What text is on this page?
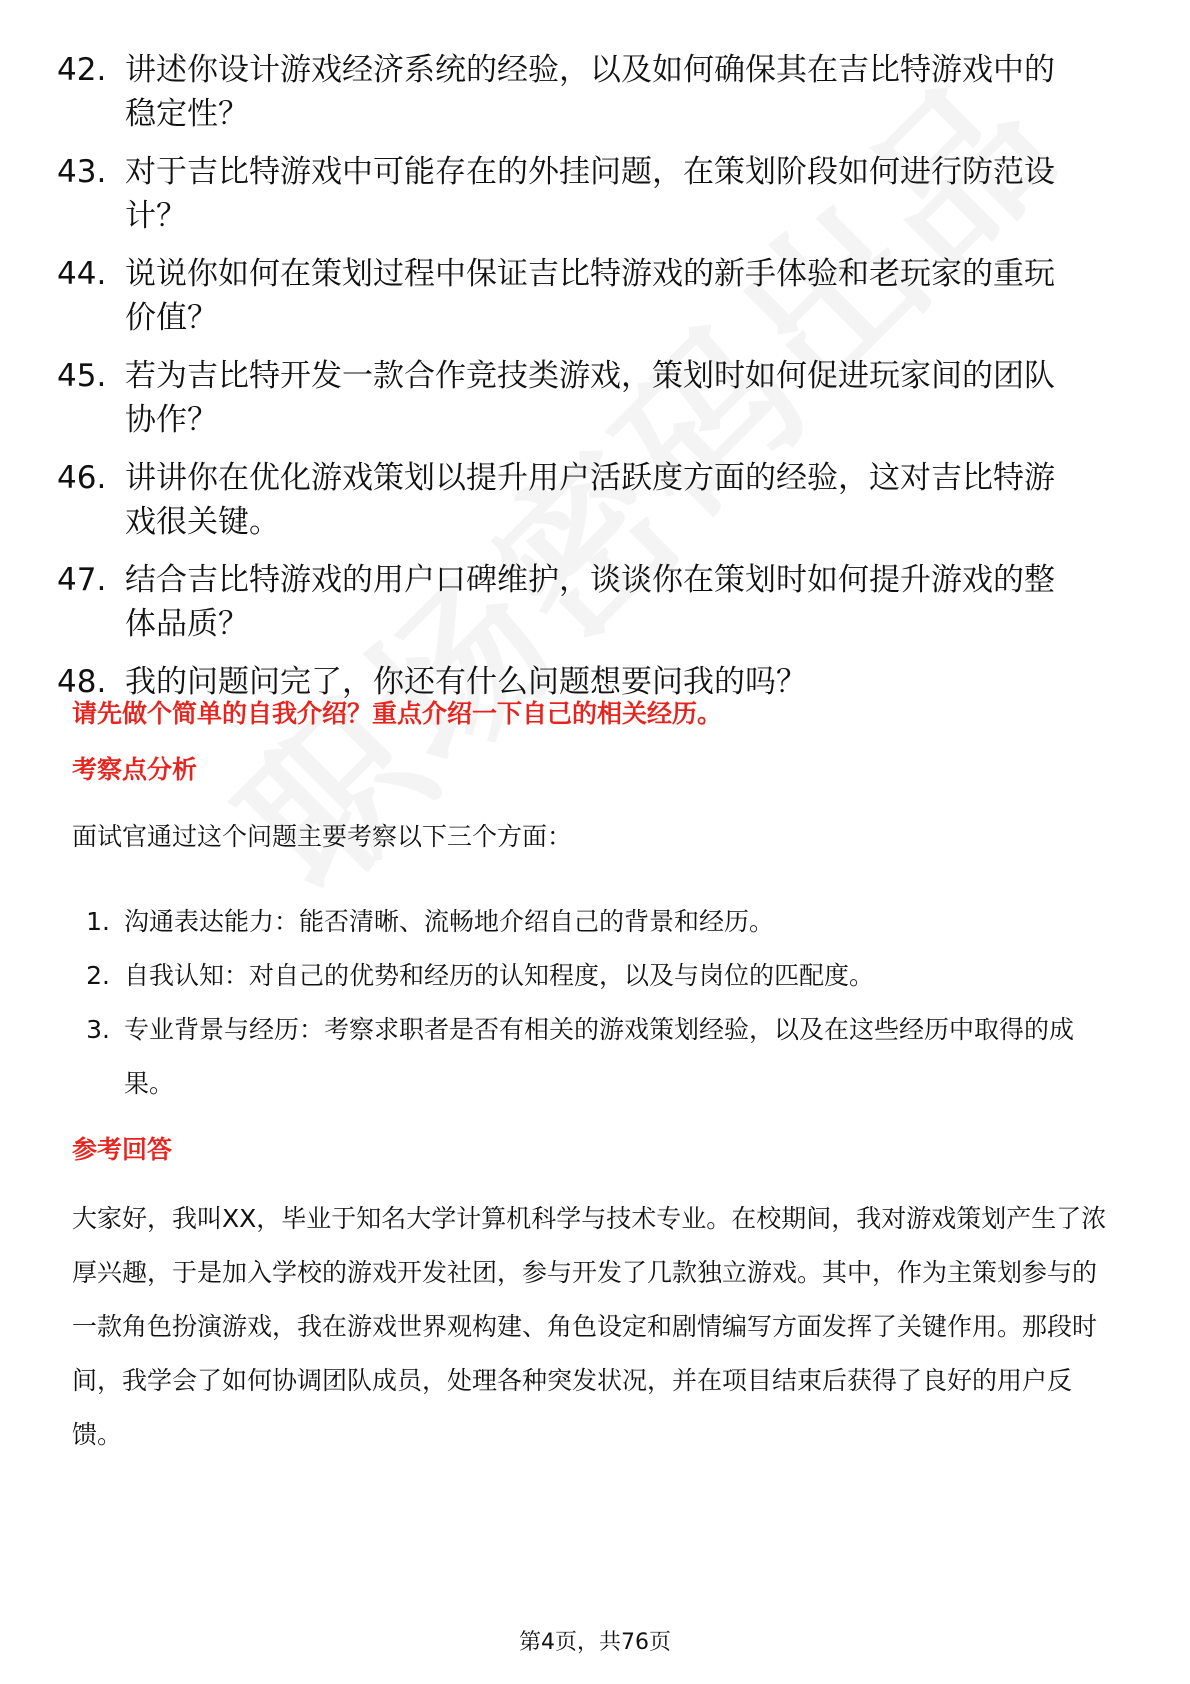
42. 讲述你设计游戏经济系统的经验，以及如何确保其在吉比特游戏中的稳定性？
43. 对于吉比特游戏中可能存在的外挂问题，在策划阶段如何进行防范设计？
44. 说说你如何在策划过程中保证吉比特游戏的新手体验和老玩家的重玩价值？
45. 若为吉比特开发一款合作竞技类游戏，策划时如何促进玩家间的团队协作？
46. 讲讲你在优化游戏策划以提升用户活跃度方面的经验，这对吉比特游戏很关键。
47. 结合吉比特游戏的用户口碑维护，谈谈你在策划时如何提升游戏的整体品质？
48. 我的问题问完了，你还有什么问题想要问我的吗？
请先做个简单的自我介绍？重点介绍一下自己的相关经历。
考察点分析

面试官通过这个问题主要考察以下三个方面：

1. 沟通表达能力：能否清晰、流畅地介绍自己的背景和经历。
2. 自我认知：对自己的优势和经历的认知程度，以及与岗位的匹配度。
3. 专业背景与经历：考察求职者是否有相关的游戏策划经验，以及在这些经历中取得的成果。
参考回答

大家好，我叫XX，毕业于知名大学计算机科学与技术专业。在校期间，我对游戏策划产生了浓厚兴趣，于是加入学校的游戏开发社团，参与开发了几款独立游戏。其中，作为主策划参与的一款角色扮演游戏，我在游戏世界观构建、角色设定和剧情编写方面发挥了关键作用。那段时间，我学会了如何协调团队成员，处理各种突发状况，并在项目结束后获得了良好的用户反馈。

第4页，共76页
